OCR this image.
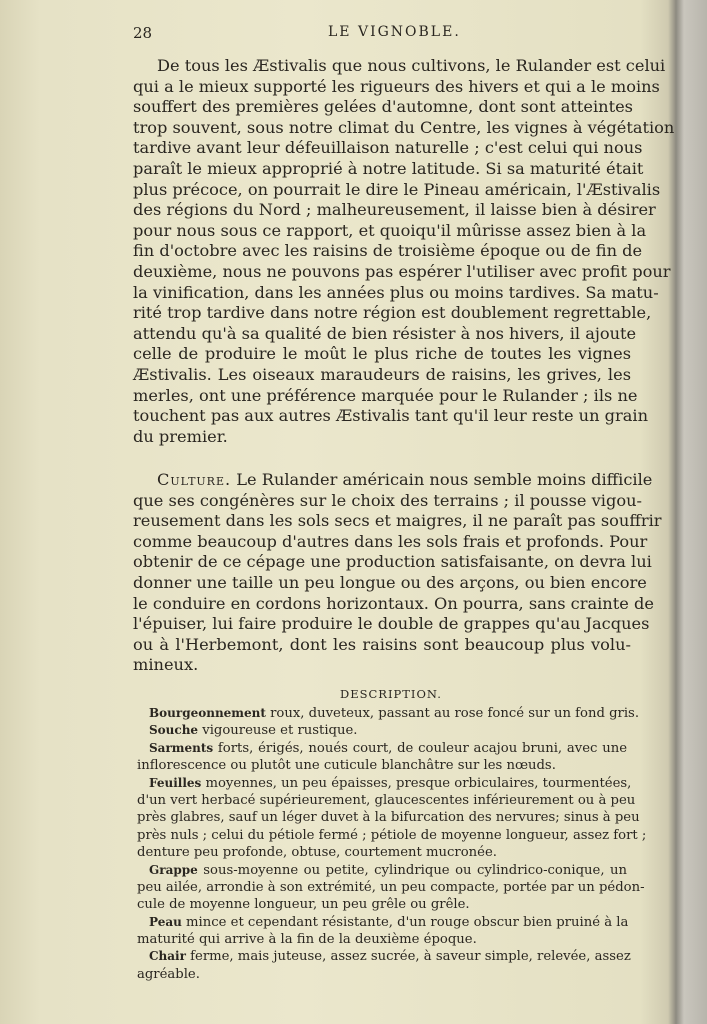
28	LE VIGNOBLE.
De tous les Æstivalis que nous cultivons, le Rulander est celui
qui a le mieux supporté les rigueurs des hivers et qui a le moins
souffert des premières gelées d'automne, dont sont atteintes
trop souvent, sous notre climat du Centre, les vignes à végétation
tardive avant leur défeuillaison naturelle ; c'est celui qui nous
paraît le mieux approprié à notre latitude. Si sa maturité était
plus précoce, on pourrait le dire le Pineau américain, l'Æstivalis
des régions du Nord ; malheureusement, il laisse bien à désirer
pour nous sous ce rapport, et quoiqu'il mûrisse assez bien à la
fin d'octobre avec les raisins de troisième époque ou de fin de
deuxième, nous ne pouvons pas espérer l'utiliser avec profit pour
la vinification, dans les années plus ou moins tardives. Sa matu-
rité trop tardive dans notre région est doublement regrettable,
attendu qu'à sa qualité de bien résister à nos hivers, il ajoute
celle de produire le moût le plus riche de toutes les vignes
Æstivalis. Les oiseaux maraudeurs de raisins, les grives, les
merles, ont une préférence marquée pour le Rulander ; ils ne
touchent pas aux autres Æstivalis tant qu'il leur reste un grain
du premier.
Culture. Le Rulander américain nous semble moins difficile
que ses congénères sur le choix des terrains ; il pousse vigou-
reusement dans les sols secs et maigres, il ne paraît pas souffrir
comme beaucoup d'autres dans les sols frais et profonds. Pour
obtenir de ce cépage une production satisfaisante, on devra lui
donner une taille un peu longue ou des arçons, ou bien encore
le conduire en cordons horizontaux. On pourra, sans crainte de
l'épuiser, lui faire produire le double de grappes qu'au Jacques
ou à l'Herbemont, dont les raisins sont beaucoup plus volu-
mineux.
DESCRIPTION.
Bourgeonnement roux, duveteux, passant au rose foncé sur un fond gris.
Souche vigoureuse et rustique.
Sarments forts, érigés, noués court, de couleur acajou bruni, avec une
inflorescence ou plutôt une cuticule blanchâtre sur les nœuds.
Feuilles moyennes, un peu épaisses, presque orbiculaires, tourmentées,
d'un vert herbacé supérieurement, glaucescentes inférieurement ou à peu
près glabres, sauf un léger duvet à la bifurcation des nervures; sinus à peu
près nuls ; celui du pétiole fermé ; pétiole de moyenne longueur, assez fort ;
denture peu profonde, obtuse, courtement mucronée.
Grappe sous-moyenne ou petite, cylindrique ou cylindrico-conique, un
peu ailée, arrondie à son extrémité, un peu compacte, portée par un pédon-
cule de moyenne longueur, un peu grêle ou grêle.
Peau mince et cependant résistante, d'un rouge obscur bien pruiné à la
maturité qui arrive à la fin de la deuxième époque.
Chair ferme, mais juteuse, assez sucrée, à saveur simple, relevée, assez
agréable.
